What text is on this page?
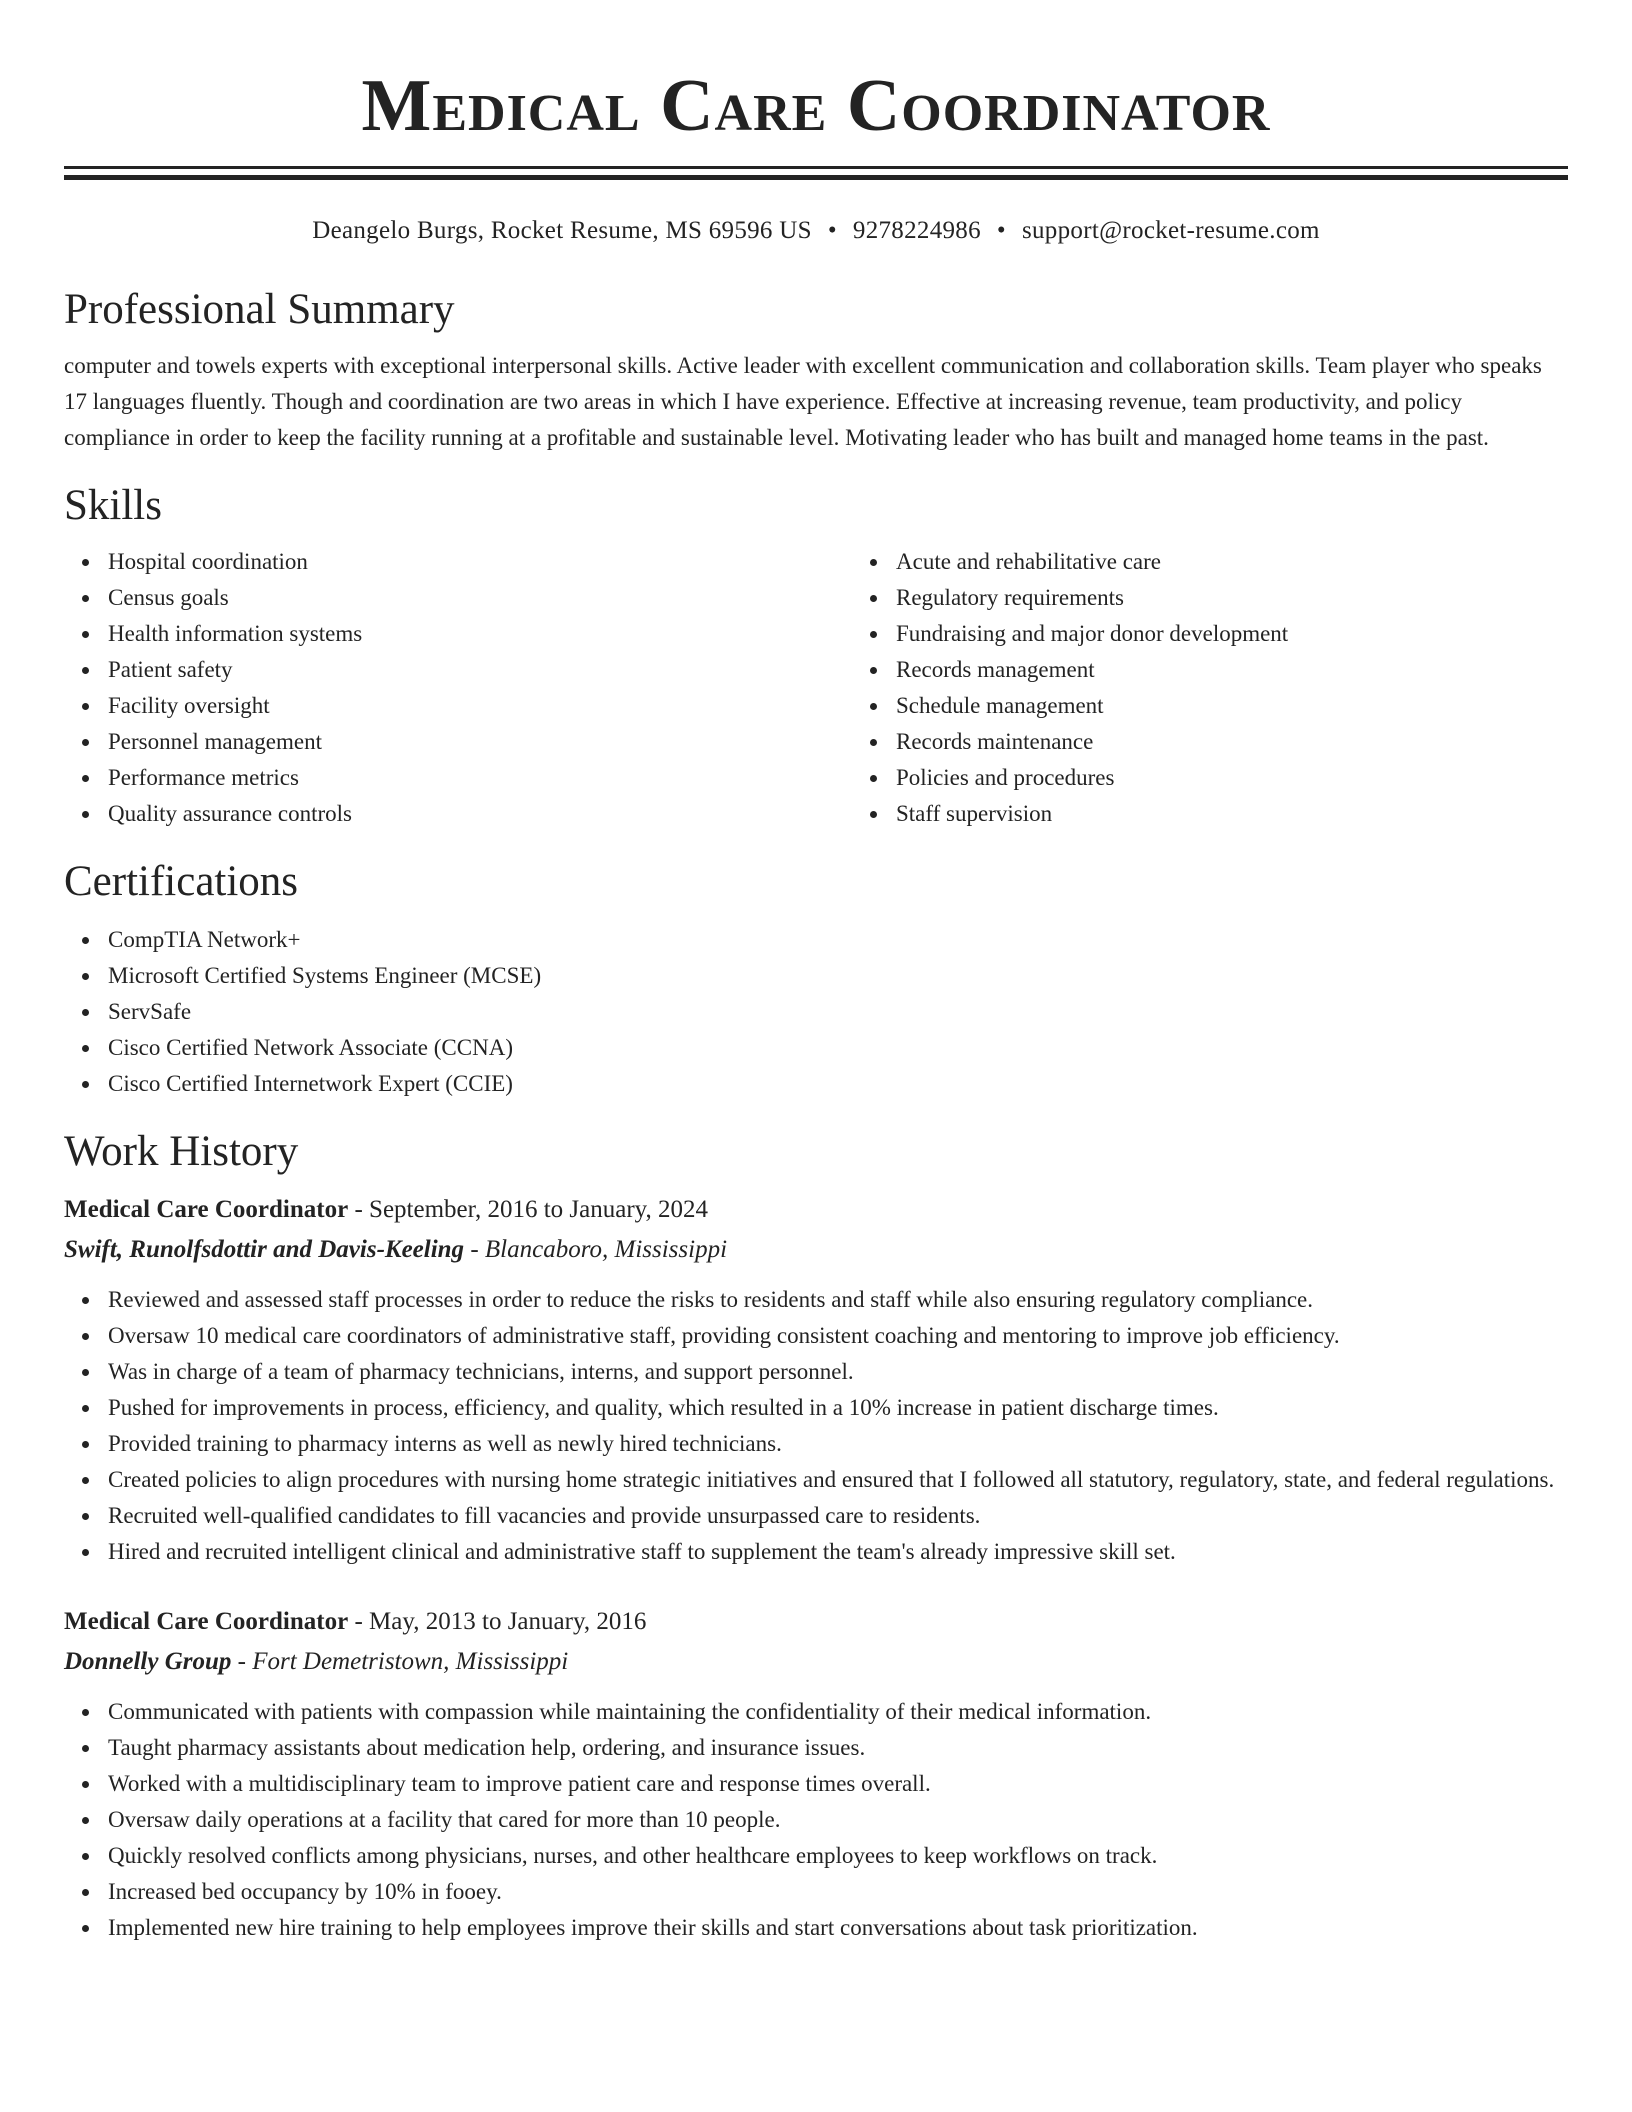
Medical Care Coordinator
Deangelo Burgs, Rocket Resume, MS 69596 US • 9278224986 • support@rocket-resume.com
Professional Summary

computer and towels experts with exceptional interpersonal skills. Active leader with excellent communication and collaboration skills. Team player who speaks 17 languages fluently. Though and coordination are two areas in which I have experience. Effective at increasing revenue, team productivity, and policy compliance in order to keep the facility running at a profitable and sustainable level. Motivating leader who has built and managed home teams in the past.

Skills
Hospital coordination
Census goals
Health information systems
Patient safety
Facility oversight
Personnel management
Performance metrics
Quality assurance controls
Acute and rehabilitative care
Regulatory requirements
Fundraising and major donor development
Records management
Schedule management
Records maintenance
Policies and procedures
Staff supervision
Certifications
CompTIA Network+
Microsoft Certified Systems Engineer (MCSE)
ServSafe
Cisco Certified Network Associate (CCNA)
Cisco Certified Internetwork Expert (CCIE)
Work History
Medical Care Coordinator - September, 2016 to January, 2024
Swift, Runolfsdottir and Davis-Keeling - Blancaboro, Mississippi
Reviewed and assessed staff processes in order to reduce the risks to residents and staff while also ensuring regulatory compliance.
Oversaw 10 medical care coordinators of administrative staff, providing consistent coaching and mentoring to improve job efficiency.
Was in charge of a team of pharmacy technicians, interns, and support personnel.
Pushed for improvements in process, efficiency, and quality, which resulted in a 10% increase in patient discharge times.
Provided training to pharmacy interns as well as newly hired technicians.
Created policies to align procedures with nursing home strategic initiatives and ensured that I followed all statutory, regulatory, state, and federal regulations.
Recruited well-qualified candidates to fill vacancies and provide unsurpassed care to residents.
Hired and recruited intelligent clinical and administrative staff to supplement the team's already impressive skill set.
Medical Care Coordinator - May, 2013 to January, 2016
Donnelly Group - Fort Demetristown, Mississippi
Communicated with patients with compassion while maintaining the confidentiality of their medical information.
Taught pharmacy assistants about medication help, ordering, and insurance issues.
Worked with a multidisciplinary team to improve patient care and response times overall.
Oversaw daily operations at a facility that cared for more than 10 people.
Quickly resolved conflicts among physicians, nurses, and other healthcare employees to keep workflows on track.
Increased bed occupancy by 10% in fooey.
Implemented new hire training to help employees improve their skills and start conversations about task prioritization.
